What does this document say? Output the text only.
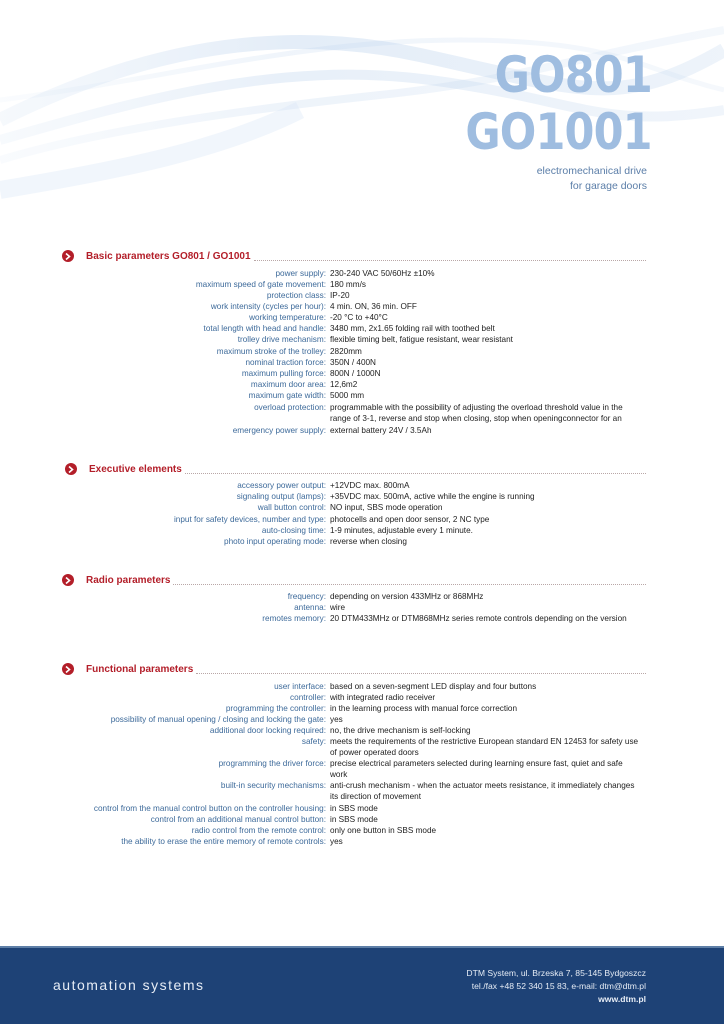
GO801
GO1001
electromechanical drive
for garage doors
Basic parameters GO801 / GO1001
power supply: 230-240 VAC 50/60Hz ±10%
maximum speed of gate movement: 180 mm/s
protection class: IP-20
work intensity (cycles per hour): 4 min. ON, 36 min. OFF
working temperature: -20 °C to +40°C
total length with head and handle: 3480 mm, 2x1.65 folding rail with toothed belt
trolley drive mechanism: flexible timing belt, fatigue resistant, wear resistant
maximum stroke of the trolley: 2820mm
nominal traction force: 350N / 400N
maximum pulling force: 800N / 1000N
maximum door area: 12,6m2
maximum gate width: 5000 mm
overload protection: programmable with the possibility of adjusting the overload threshold value in the range of 3-1, reverse and stop when closing, stop when openingconnector for an
emergency power supply: external battery 24V / 3.5Ah
Executive elements
accessory power output: +12VDC max. 800mA
signaling output (lamps): +35VDC max. 500mA, active while the engine is running
wall button control: NO input, SBS mode operation
input for safety devices, number and type: photocells and open door sensor, 2 NC type
auto-closing time: 1-9 minutes, adjustable every 1 minute.
photo input operating mode: reverse when closing
Radio parameters
frequency: depending on version 433MHz or 868MHz
antenna: wire
remotes memory: 20 DTM433MHz or DTM868MHz series remote controls depending on the version
Functional parameters
user interface: based on a seven-segment LED display and four buttons
controller: with integrated radio receiver
programming the controller: in the learning process with manual force correction
possibility of manual opening / closing and locking the gate: yes
additional door locking required: no, the drive mechanism is self-locking
safety: meets the requirements of the restrictive European standard EN 12453 for safety use of power operated doors
programming the driver force: precise electrical parameters selected during learning ensure fast, quiet and safe work
built-in security mechanisms: anti-crush mechanism - when the actuator meets resistance, it immediately changes its direction of movement
control from the manual control button on the controller housing: in SBS mode
control from an additional manual control button: in SBS mode
radio control from the remote control: only one button in SBS mode
the ability to erase the entire memory of remote controls: yes
automation systems
DTM System, ul. Brzeska 7, 85-145 Bydgoszcz
tel./fax +48 52 340 15 83, e-mail: dtm@dtm.pl
www.dtm.pl
